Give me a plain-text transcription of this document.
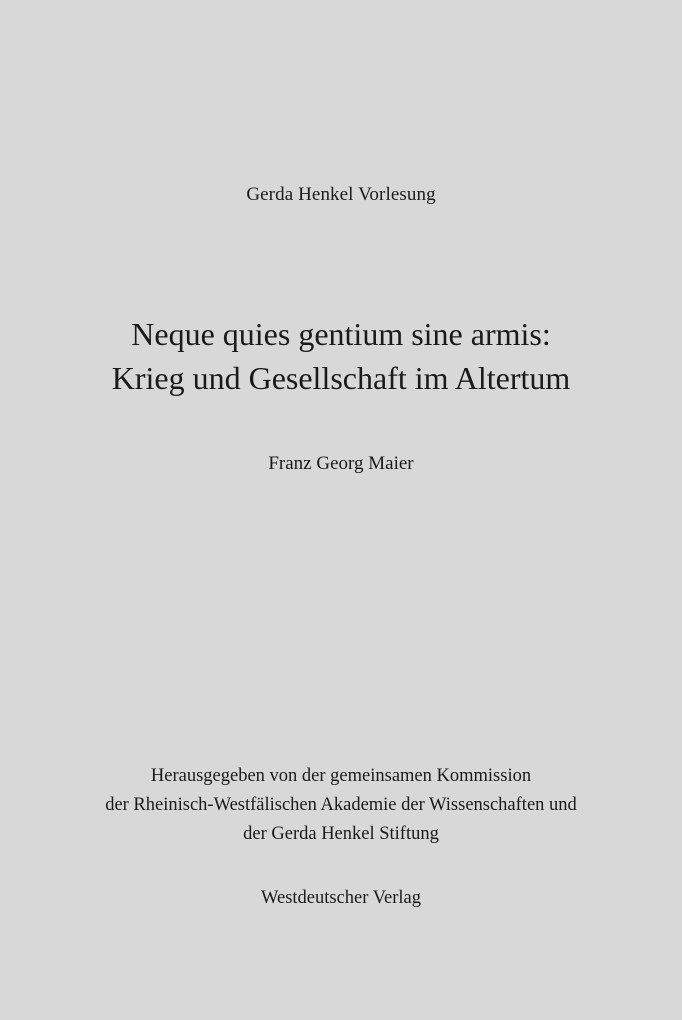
Gerda Henkel Vorlesung

Neque quies gentium sine armis:
Krieg und Gesellschaft im Altertum

Franz Georg Maier

Herausgegeben von der gemeinsamen Kommission
der Rheinisch-Westfälischen Akademie der Wissenschaften und
der Gerda Henkel Stiftung

Westdeutscher Verlag
